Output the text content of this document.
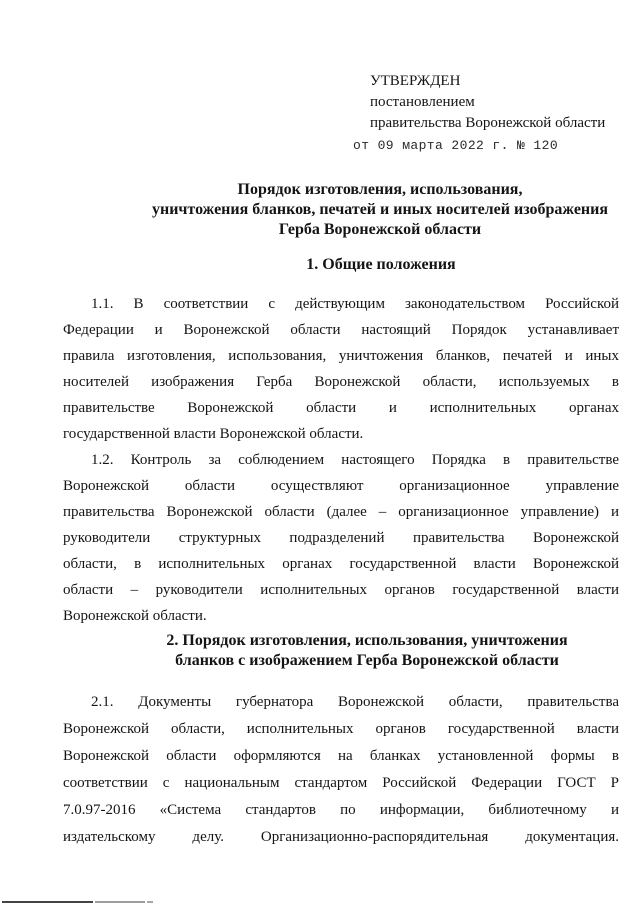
УТВЕРЖДЕН
постановлением
правительства Воронежской области
от 09 марта 2022 г. № 120
Порядок изготовления, использования,
уничтожения бланков, печатей и иных носителей изображения
Герба Воронежской области
1. Общие положения
1.1. В соответствии с действующим законодательством Российской
Федерации и Воронежской области настоящий Порядок устанавливает
правила изготовления, использования, уничтожения бланков, печатей и иных
носителей изображения Герба Воронежской области, используемых в
правительстве Воронежской области и исполнительных органах
государственной власти Воронежской области.
1.2. Контроль за соблюдением настоящего Порядка в правительстве
Воронежской области осуществляют организационное управление
правительства Воронежской области (далее – организационное управление) и
руководители структурных подразделений правительства Воронежской
области, в исполнительных органах государственной власти Воронежской
области – руководители исполнительных органов государственной власти
Воронежской области.
2. Порядок изготовления, использования, уничтожения
бланков с изображением Герба Воронежской области
2.1. Документы губернатора Воронежской области, правительства
Воронежской области, исполнительных органов государственной власти
Воронежской области оформляются на бланках установленной формы в
соответствии с национальным стандартом Российской Федерации ГОСТ Р
7.0.97-2016 «Система стандартов по информации, библиотечному и
издательскому делу. Организационно-распорядительная документация.
